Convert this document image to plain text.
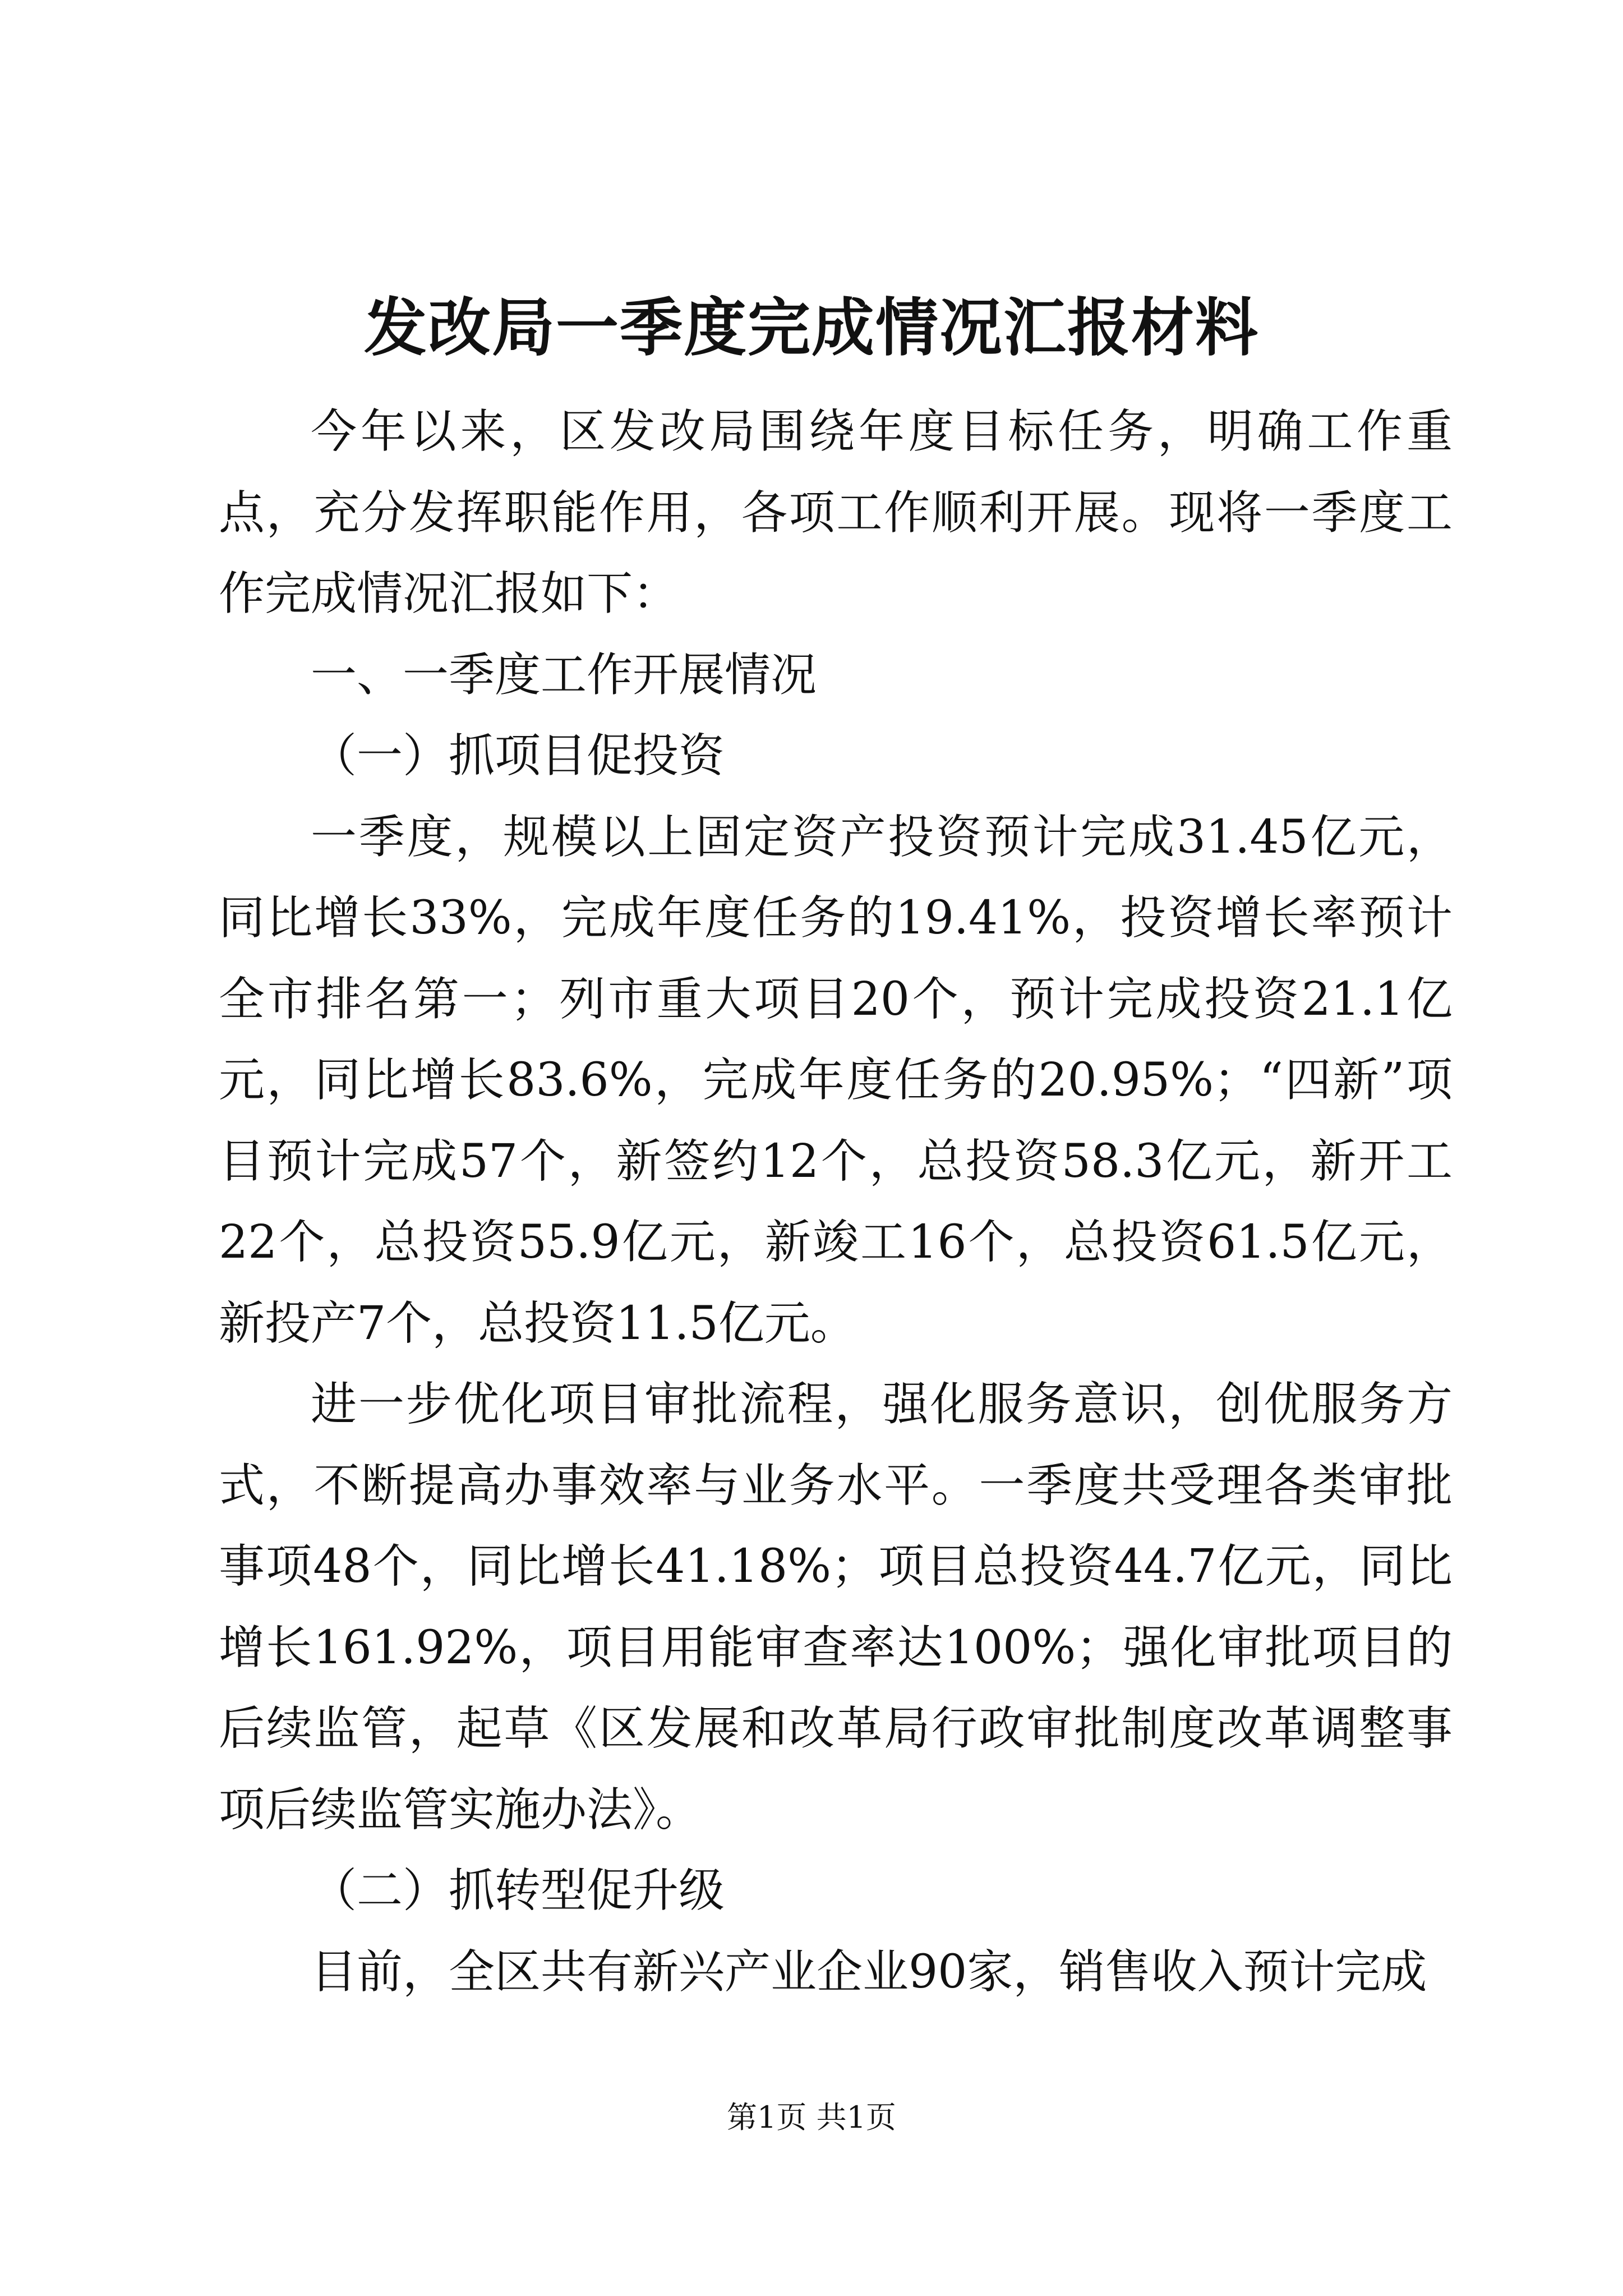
发改局一季度完成情况汇报材料

今年以来，区发改局围绕年度目标任务，明确工作重点，充分发挥职能作用，各项工作顺利开展。现将一季度工作完成情况汇报如下：

一、一季度工作开展情况

（一）抓项目促投资

一季度，规模以上固定资产投资预计完成31.45亿元，同比增长33%，完成年度任务的19.41%，投资增长率预计全市排名第一；列市重大项目20个，预计完成投资21.1亿元，同比增长83.6%，完成年度任务的20.95%；“四新”项目预计完成57个，新签约12个，总投资58.3亿元，新开工22个，总投资55.9亿元，新竣工16个，总投资61.5亿元，新投产7个，总投资11.5亿元。

进一步优化项目审批流程，强化服务意识，创优服务方式，不断提高办事效率与业务水平。一季度共受理各类审批事项48个，同比增长41.18%；项目总投资44.7亿元，同比增长161.92%，项目用能审查率达100%；强化审批项目的后续监管，起草《区发展和改革局行政审批制度改革调整事项后续监管实施办法》。

（二）抓转型促升级

目前，全区共有新兴产业企业90家，销售收入预计完成

第1页 共1页
